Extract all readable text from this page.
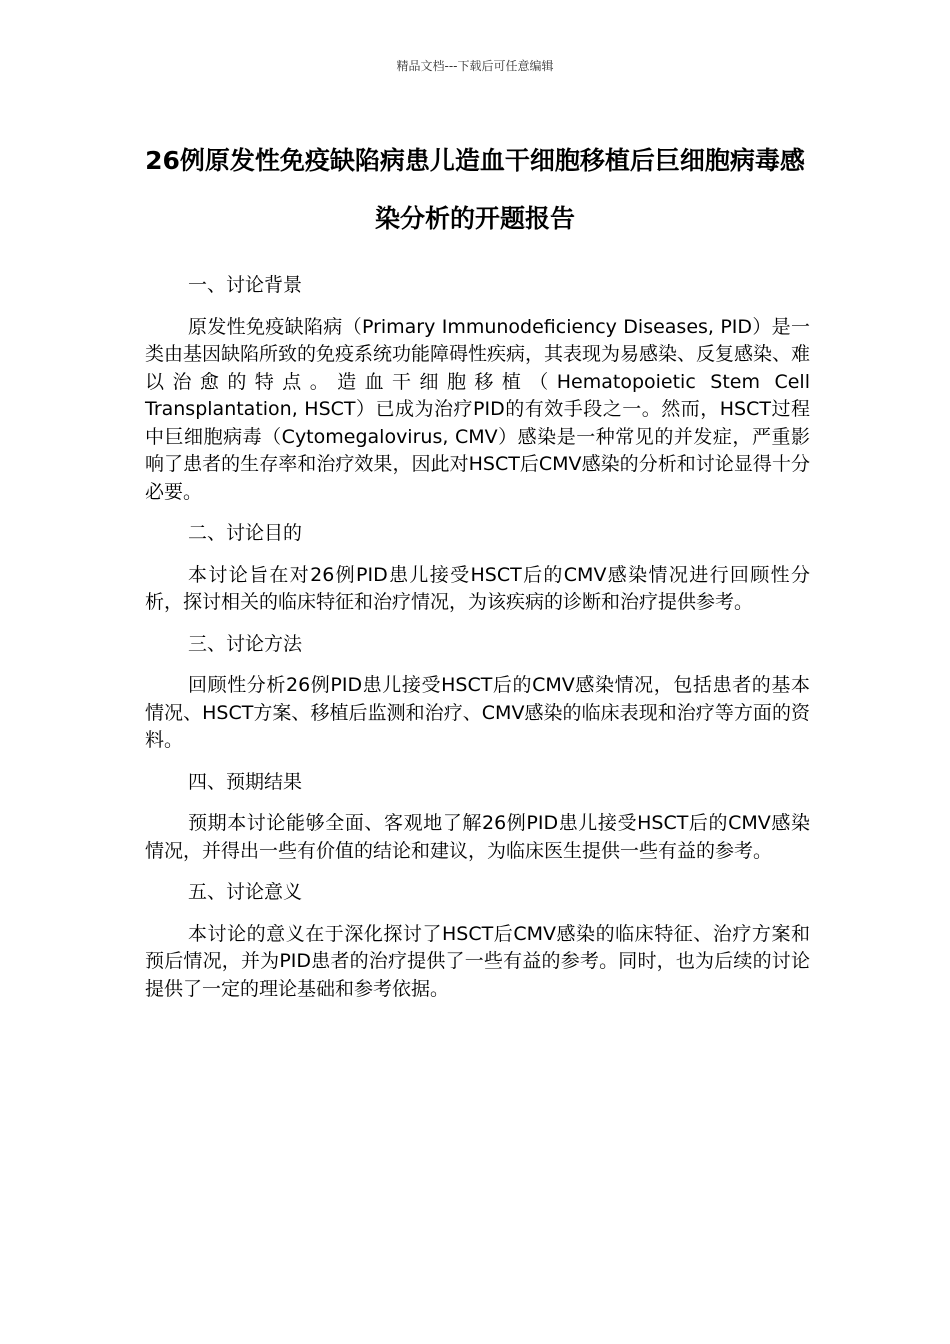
精品文档---下载后可任意编辑
26例原发性免疫缺陷病患儿造血干细胞移植后巨细胞病毒感染分析的开题报告

一、讨论背景

原发性免疫缺陷病（Primary Immunodeficiency Diseases, PID）是一类由基因缺陷所致的免疫系统功能障碍性疾病，其表现为易感染、反复感染、难以治愈的特点。造血干细胞移植（Hematopoietic Stem Cell Transplantation, HSCT）已成为治疗PID的有效手段之一。然而，HSCT过程中巨细胞病毒（Cytomegalovirus, CMV）感染是一种常见的并发症，严重影响了患者的生存率和治疗效果，因此对HSCT后CMV感染的分析和讨论显得十分必要。

二、讨论目的

本讨论旨在对26例PID患儿接受HSCT后的CMV感染情况进行回顾性分析，探讨相关的临床特征和治疗情况，为该疾病的诊断和治疗提供参考。

三、讨论方法

回顾性分析26例PID患儿接受HSCT后的CMV感染情况，包括患者的基本情况、HSCT方案、移植后监测和治疗、CMV感染的临床表现和治疗等方面的资料。

四、预期结果

预期本讨论能够全面、客观地了解26例PID患儿接受HSCT后的CMV感染情况，并得出一些有价值的结论和建议，为临床医生提供一些有益的参考。

五、讨论意义

本讨论的意义在于深化探讨了HSCT后CMV感染的临床特征、治疗方案和预后情况，并为PID患者的治疗提供了一些有益的参考。同时，也为后续的讨论提供了一定的理论基础和参考依据。
